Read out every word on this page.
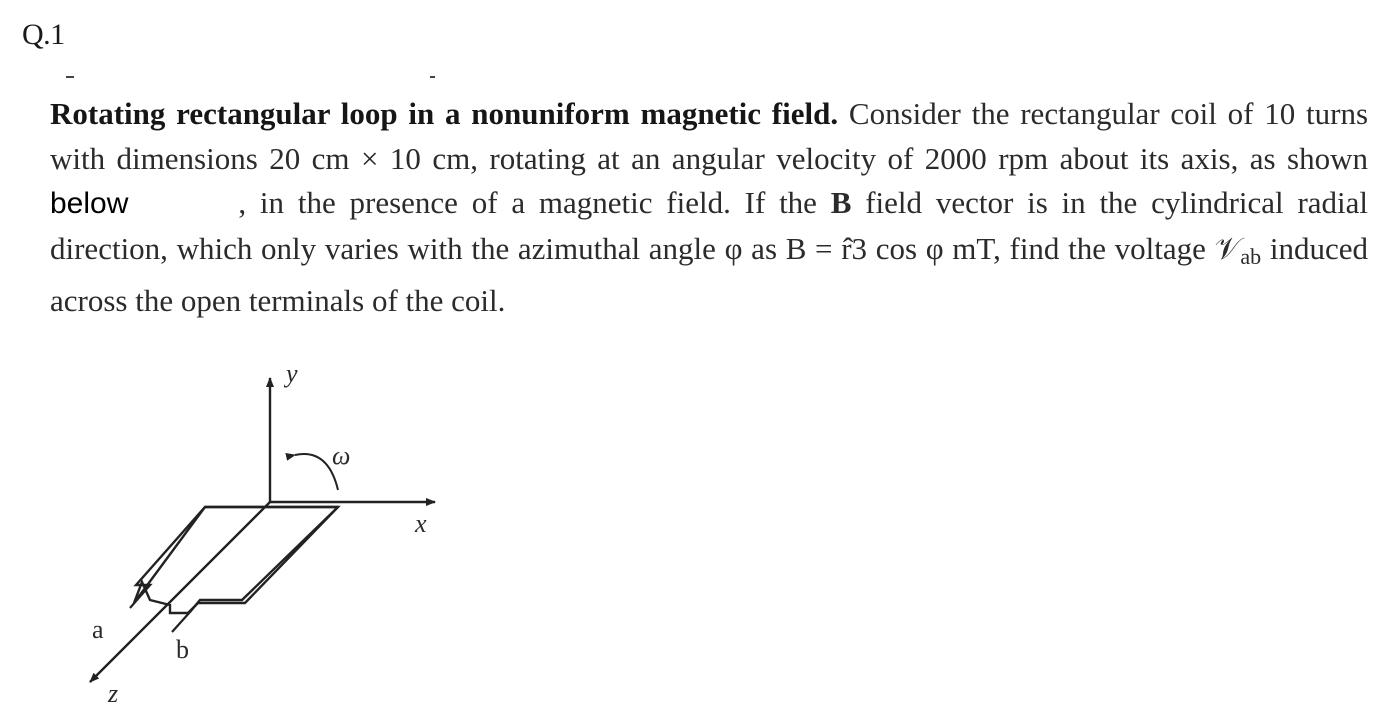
Q.1
Rotating rectangular loop in a nonuniform magnetic field. Consider the rectangular coil of 10 turns with dimensions 20 cm × 10 cm, rotating at an angular velocity of 2000 rpm about its axis, as shown below	, in the presence of a magnetic field. If the B field vector is in the cylindrical radial direction, which only varies with the azimuthal angle φ as B = r̂3 cos φ mT, find the voltage 𝒱$_{ab}$ induced across the open terminals of the coil.
y
x
z
ω
a
b
